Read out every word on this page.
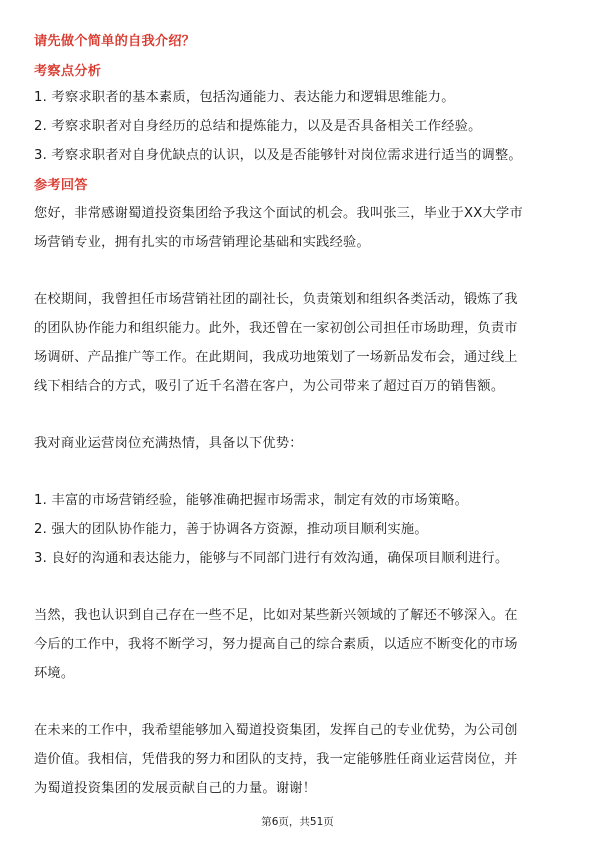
请先做个简单的自我介绍？

考察点分析

1. 考察求职者的基本素质，包括沟通能力、表达能力和逻辑思维能力。

2. 考察求职者对自身经历的总结和提炼能力，以及是否具备相关工作经验。

3. 考察求职者对自身优缺点的认识，以及是否能够针对岗位需求进行适当的调整。

参考回答

您好，非常感谢蜀道投资集团给予我这个面试的机会。我叫张三，毕业于XX大学市

场营销专业，拥有扎实的市场营销理论基础和实践经验。

在校期间，我曾担任市场营销社团的副社长，负责策划和组织各类活动，锻炼了我

的团队协作能力和组织能力。此外，我还曾在一家初创公司担任市场助理，负责市

场调研、产品推广等工作。在此期间，我成功地策划了一场新品发布会，通过线上

线下相结合的方式，吸引了近千名潜在客户，为公司带来了超过百万的销售额。

我对商业运营岗位充满热情，具备以下优势：

1. 丰富的市场营销经验，能够准确把握市场需求，制定有效的市场策略。

2. 强大的团队协作能力，善于协调各方资源，推动项目顺利实施。

3. 良好的沟通和表达能力，能够与不同部门进行有效沟通，确保项目顺利进行。

当然，我也认识到自己存在一些不足，比如对某些新兴领域的了解还不够深入。在

今后的工作中，我将不断学习，努力提高自己的综合素质，以适应不断变化的市场

环境。

在未来的工作中，我希望能够加入蜀道投资集团，发挥自己的专业优势，为公司创

造价值。我相信，凭借我的努力和团队的支持，我一定能够胜任商业运营岗位，并

为蜀道投资集团的发展贡献自己的力量。谢谢！

第6页，共51页
